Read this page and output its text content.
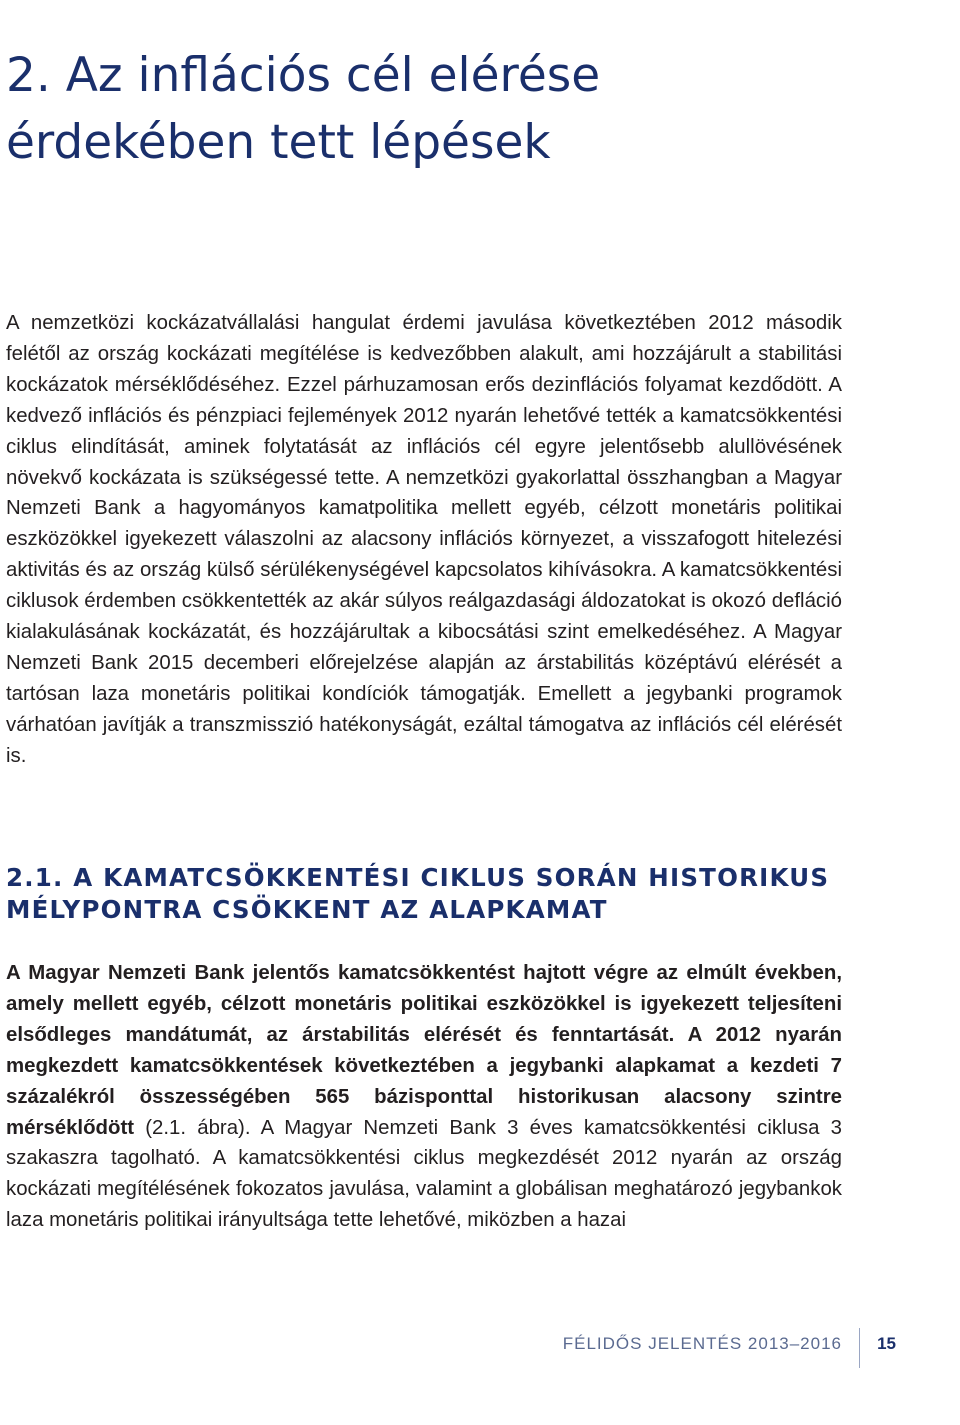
2. Az inflációs cél elérése
érdekében tett lépések

A nemzetközi kockázatvállalási hangulat érdemi javulása következtében 2012 második felétől az ország kockázati megítélése is kedvezőbben alakult, ami hozzájárult a stabilitási kockázatok mérséklődéséhez. Ezzel párhuzamosan erős dezinflációs folyamat kezdődött. A kedvező inflációs és pénzpiaci fejlemények 2012 nyarán lehetővé tették a kamatcsökkentési ciklus elindítását, aminek folytatását az inflációs cél egyre jelentősebb alullövésének növekvő kockázata is szükségessé tette. A nemzetközi gyakorlattal összhangban a Magyar Nemzeti Bank a hagyományos kamatpolitika mellett egyéb, célzott monetáris politikai eszközökkel igyekezett válaszolni az alacsony inflációs környezet, a visszafogott hitelezési aktivitás és az ország külső sérülékenységével kapcsolatos kihívásokra. A kamatcsökkentési ciklusok érdemben csökkentették az akár súlyos reálgazdasági áldozatokat is okozó defláció kialakulásának kockázatát, és hozzájárultak a kibocsátási szint emelkedéséhez. A Magyar Nemzeti Bank 2015 decemberi előrejelzése alapján az árstabilitás középtávú elérését a tartósan laza monetáris politikai kondíciók támogatják. Emellett a jegybanki programok várhatóan javítják a transzmisszió hatékonyságát, ezáltal támogatva az inflációs cél elérését is.

2.1. A KAMATCSÖKKENTÉSI CIKLUS SORÁN HISTORIKUS
MÉLYPONTRA CSÖKKENT AZ ALAPKAMAT

A Magyar Nemzeti Bank jelentős kamatcsökkentést hajtott végre az elmúlt években, amely mellett egyéb, célzott monetáris politikai eszközökkel is igyekezett teljesíteni elsődleges mandátumát, az árstabilitás elérését és fenntartását. A 2012 nyarán megkezdett kamatcsökkentések következtében a jegybanki alapkamat a kezdeti 7 százalékról összességében 565 bázisponttal historikusan alacsony szintre mérséklődött (2.1. ábra). A Magyar Nemzeti Bank 3 éves kamatcsökkentési ciklusa 3 szakaszra tagolható. A kamatcsökkentési ciklus megkezdését 2012 nyarán az ország kockázati megítélésének fokozatos javulása, valamint a globálisan meghatározó jegybankok laza monetáris politikai irányultsága tette lehetővé, miközben a hazai

FÉLIDŐS JELENTÉS 2013–2016 15
